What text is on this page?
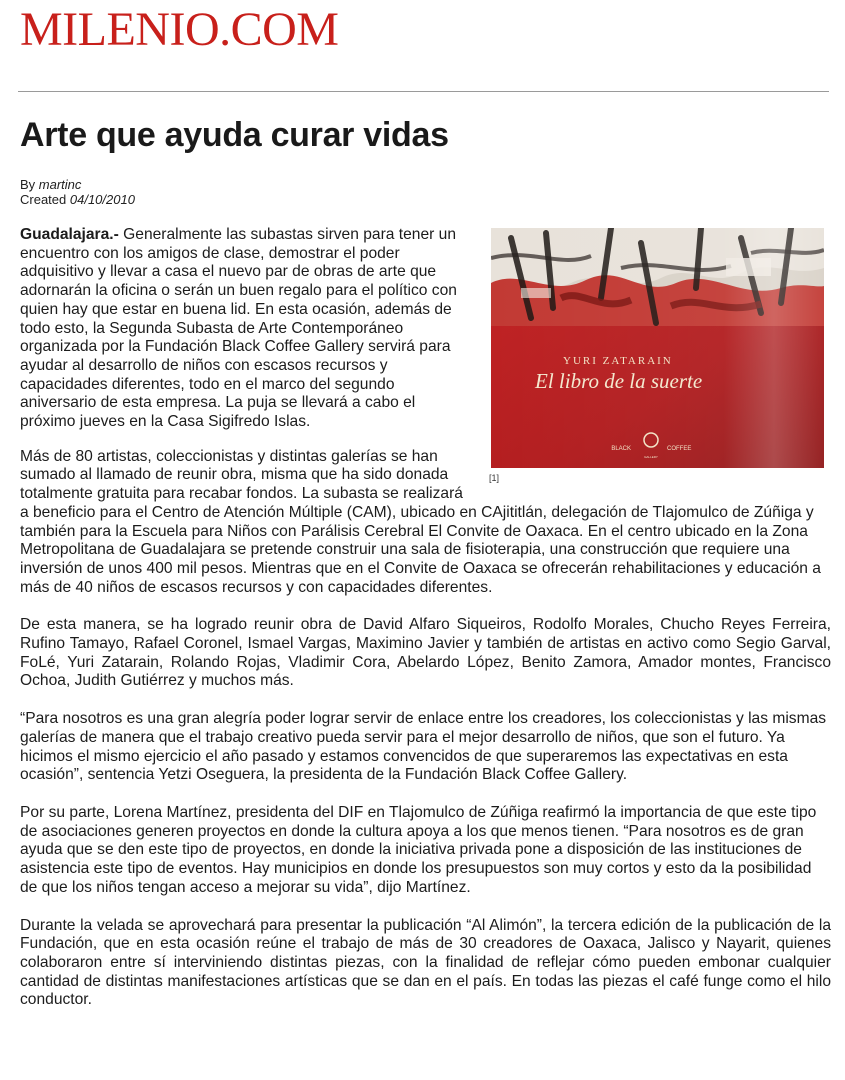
MILENIO.COM
Arte que ayuda curar vidas
By martinc
Created 04/10/2010
YURI ZATARAIN
El libro de la suerte
BLACK	COFFEE
GALLERY
[1]

Guadalajara.- Generalmente las subastas sirven para tener un encuentro con los amigos de clase, demostrar el poder adquisitivo y llevar a casa el nuevo par de obras de arte que adornarán la oficina o serán un buen regalo para el político con quien hay que estar en buena lid. En esta ocasión, además de todo esto, la Segunda Subasta de Arte Contemporáneo organizada por la Fundación Black Coffee Gallery servirá para ayudar al desarrollo de niños con escasos recursos y capacidades diferentes, todo en el marco del segundo aniversario de esta empresa. La puja se llevará a cabo el próximo jueves en la Casa Sigifredo Islas.

Más de 80 artistas, coleccionistas y distintas galerías se han sumado al llamado de reunir obra, misma que ha sido donada totalmente gratuita para recabar fondos. La subasta se realizará a beneficio para el Centro de Atención Múltiple (CAM), ubicado en CAjititlán, delegación de Tlajomulco de Zúñiga y también para la Escuela para Niños con Parálisis Cerebral El Convite de Oaxaca. En el centro ubicado en la Zona Metropolitana de Guadalajara se pretende construir una sala de fisioterapia, una construcción que requiere una inversión de unos 400 mil pesos. Mientras que en el Convite de Oaxaca se ofrecerán rehabilitaciones y educación a más de 40 niños de escasos recursos y con capacidades diferentes.

De esta manera, se ha logrado reunir obra de David Alfaro Siqueiros, Rodolfo Morales, Chucho Reyes Ferreira, Rufino Tamayo, Rafael Coronel, Ismael Vargas, Maximino Javier y también de artistas en activo como Segio Garval, FoLé, Yuri Zatarain, Rolando Rojas, Vladimir Cora, Abelardo López, Benito Zamora, Amador montes, Francisco Ochoa, Judith Gutiérrez y muchos más.

“Para nosotros es una gran alegría poder lograr servir de enlace entre los creadores, los coleccionistas y las mismas galerías de manera que el trabajo creativo pueda servir para el mejor desarrollo de niños, que son el futuro. Ya hicimos el mismo ejercicio el año pasado y estamos convencidos de que superaremos las expectativas en esta ocasión”, sentencia Yetzi Oseguera, la presidenta de la Fundación Black Coffee Gallery.

Por su parte, Lorena Martínez, presidenta del DIF en Tlajomulco de Zúñiga reafirmó la importancia de que este tipo de asociaciones generen proyectos en donde la cultura apoya a los que menos tienen. “Para nosotros es de gran ayuda que se den este tipo de proyectos, en donde la iniciativa privada pone a disposición de las instituciones de asistencia este tipo de eventos. Hay municipios en donde los presupuestos son muy cortos y esto da la posibilidad de que los niños tengan acceso a mejorar su vida”, dijo Martínez.

Durante la velada se aprovechará para presentar la publicación “Al Alimón”, la tercera edición de la publicación de la Fundación, que en esta ocasión reúne el trabajo de más de 30 creadores de Oaxaca, Jalisco y Nayarit, quienes colaboraron entre sí interviniendo distintas piezas, con la finalidad de reflejar cómo pueden embonar cualquier cantidad de distintas manifestaciones artísticas que se dan en el país. En todas las piezas el café funge como el hilo conductor.
